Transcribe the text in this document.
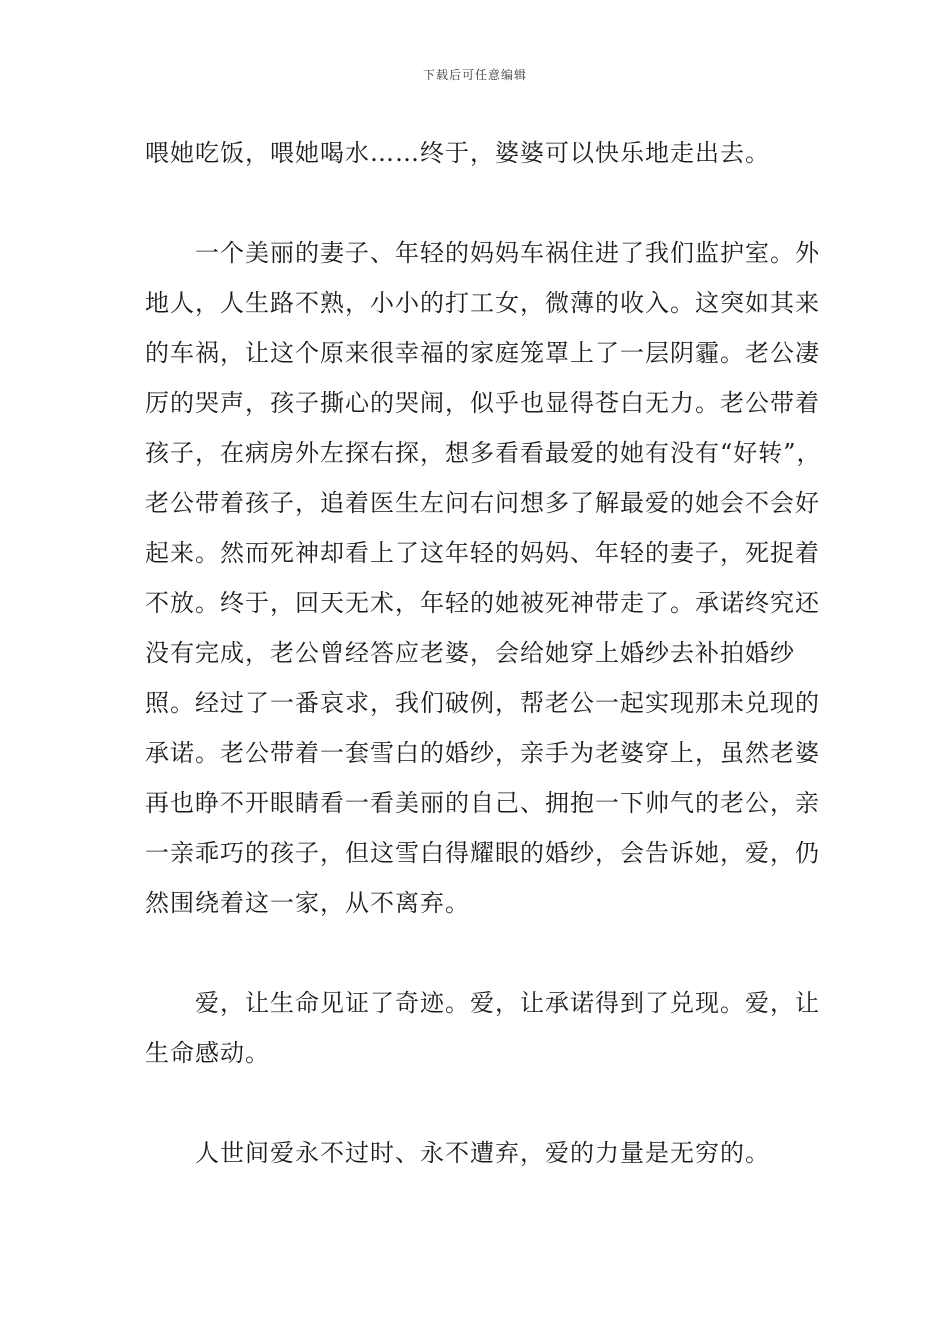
下载后可任意编辑

喂她吃饭，喂她喝水……终于，婆婆可以快乐地走出去。

一个美丽的妻子、年轻的妈妈车祸住进了我们监护室。外地人，人生路不熟，小小的打工女，微薄的收入。这突如其来的车祸，让这个原来很幸福的家庭笼罩上了一层阴霾。老公凄厉的哭声，孩子撕心的哭闹，似乎也显得苍白无力。老公带着孩子，在病房外左探右探，想多看看最爱的她有没有“好转”，老公带着孩子，追着医生左问右问想多了解最爱的她会不会好起来。然而死神却看上了这年轻的妈妈、年轻的妻子，死捉着不放。终于，回天无术，年轻的她被死神带走了。承诺终究还没有完成，老公曾经答应老婆，会给她穿上婚纱去补拍婚纱照。经过了一番哀求，我们破例，帮老公一起实现那未兑现的承诺。老公带着一套雪白的婚纱，亲手为老婆穿上，虽然老婆再也睁不开眼睛看一看美丽的自己、拥抱一下帅气的老公，亲一亲乖巧的孩子，但这雪白得耀眼的婚纱，会告诉她，爱，仍然围绕着这一家，从不离弃。

爱，让生命见证了奇迹。爱，让承诺得到了兑现。爱，让生命感动。

人世间爱永不过时、永不遭弃，爱的力量是无穷的。
